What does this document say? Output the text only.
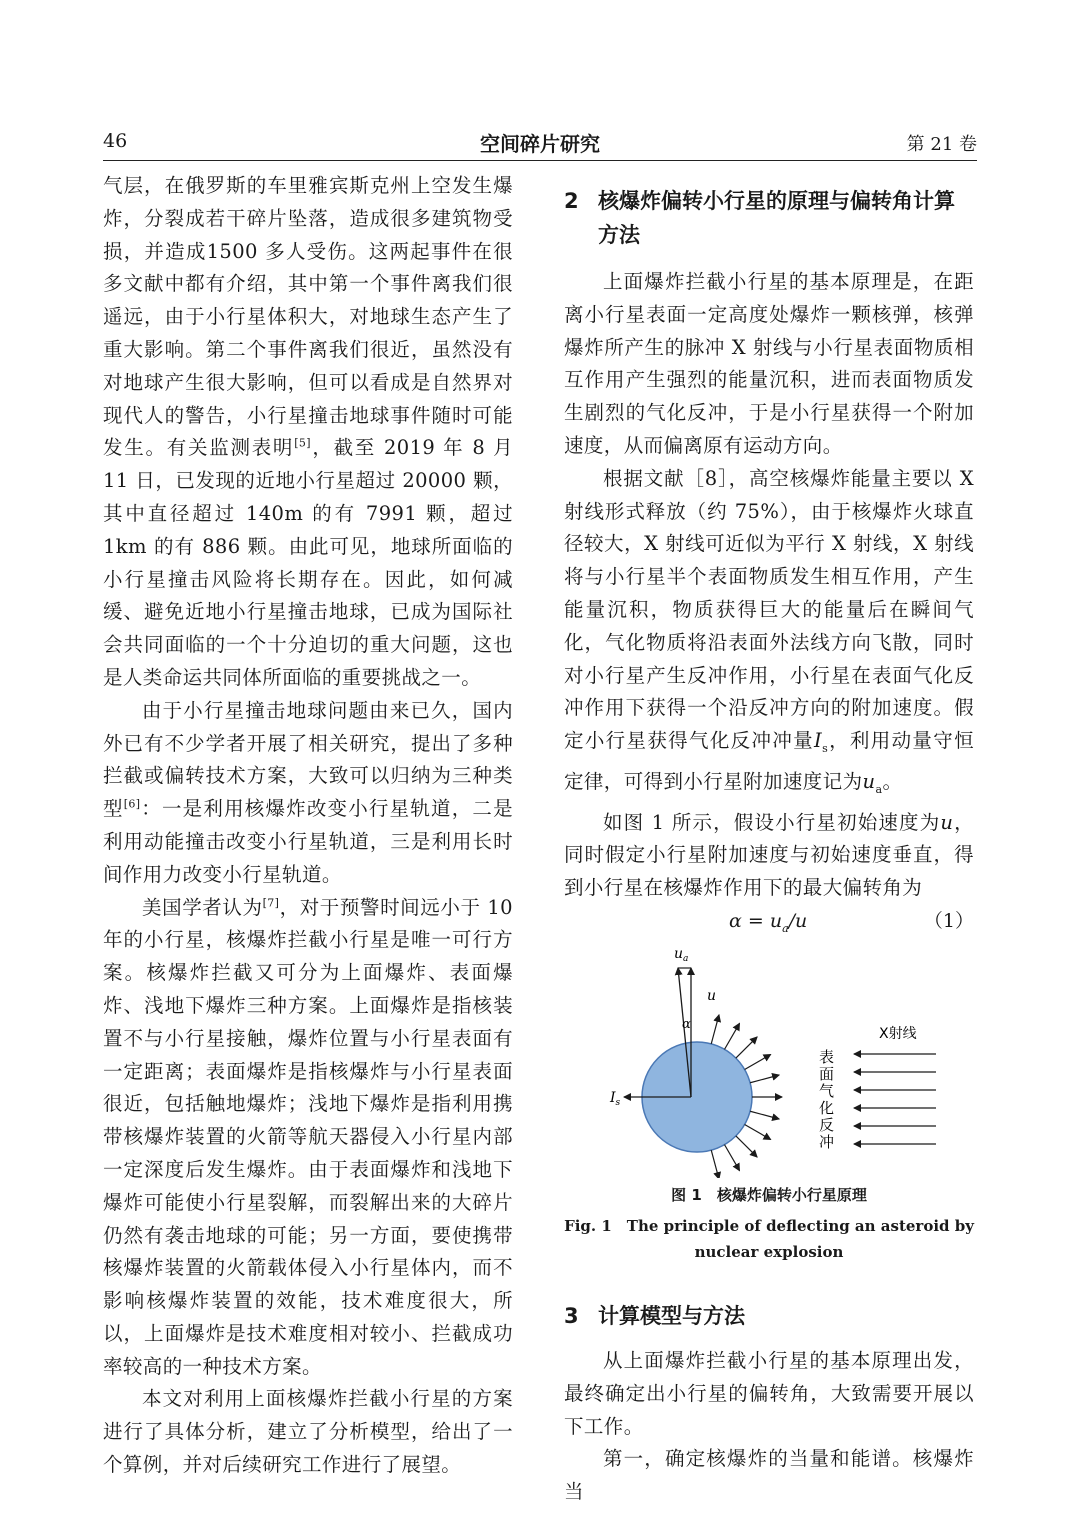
46	空间碎片研究	第 21 卷

气层，在俄罗斯的车里雅宾斯克州上空发生爆炸，分裂成若干碎片坠落，造成很多建筑物受损，并造成1500 多人受伤。这两起事件在很多文献中都有介绍，其中第一个事件离我们很遥远，由于小行星体积大，对地球生态产生了重大影响。第二个事件离我们很近，虽然没有对地球产生很大影响，但可以看成是自然界对现代人的警告，小行星撞击地球事件随时可能发生。有关监测表明[5]，截至 2019 年 8 月 11 日，已发现的近地小行星超过 20000 颗，其中直径超过 140m 的有 7991 颗，超过 1km 的有 886 颗。由此可见，地球所面临的小行星撞击风险将长期存在。因此，如何减缓、避免近地小行星撞击地球，已成为国际社会共同面临的一个十分迫切的重大问题，这也是人类命运共同体所面临的重要挑战之一。

由于小行星撞击地球问题由来已久，国内外已有不少学者开展了相关研究，提出了多种拦截或偏转技术方案，大致可以归纳为三种类型[6]：一是利用核爆炸改变小行星轨道，二是利用动能撞击改变小行星轨道，三是利用长时间作用力改变小行星轨道。

美国学者认为[7]，对于预警时间远小于 10 年的小行星，核爆炸拦截小行星是唯一可行方案。核爆炸拦截又可分为上面爆炸、表面爆炸、浅地下爆炸三种方案。上面爆炸是指核装置不与小行星接触，爆炸位置与小行星表面有一定距离；表面爆炸是指核爆炸与小行星表面很近，包括触地爆炸；浅地下爆炸是指利用携带核爆炸装置的火箭等航天器侵入小行星内部一定深度后发生爆炸。由于表面爆炸和浅地下爆炸可能使小行星裂解，而裂解出来的大碎片仍然有袭击地球的可能；另一方面，要使携带核爆炸装置的火箭载体侵入小行星体内，而不影响核爆炸装置的效能，技术难度很大，所以，上面爆炸是技术难度相对较小、拦截成功率较高的一种技术方案。

本文对利用上面核爆炸拦截小行星的方案进行了具体分析，建立了分析模型，给出了一个算例，并对后续研究工作进行了展望。

2 核爆炸偏转小行星的原理与偏转角计算方法

上面爆炸拦截小行星的基本原理是，在距离小行星表面一定高度处爆炸一颗核弹，核弹爆炸所产生的脉冲 X 射线与小行星表面物质相互作用产生强烈的能量沉积，进而表面物质发生剧烈的气化反冲，于是小行星获得一个附加速度，从而偏离原有运动方向。

根据文献［8］，高空核爆炸能量主要以 X 射线形式释放（约 75%），由于核爆炸火球直径较大，X 射线可近似为平行 X 射线，X 射线将与小行星半个表面物质发生相互作用，产生能量沉积，物质获得巨大的能量后在瞬间气化，气化物质将沿表面外法线方向飞散，同时对小行星产生反冲作用，小行星在表面气化反冲作用下获得一个沿反冲方向的附加速度。假定小行星获得气化反冲冲量$I_s$，利用动量守恒定律，可得到小行星附加速度记为$u_a$。

如图 1 所示，假设小行星初始速度为u，同时假定小行星附加速度与初始速度垂直，得到小行星在核爆炸作用下的最大偏转角为

$\alpha = u_a/u$	（1）
$u_a$
u
α
$I_s$
X射线
表
面
气
化
反
冲
图 1　核爆炸偏转小行星原理

Fig. 1　The principle of deflecting an asteroid by

nuclear explosion

3 计算模型与方法

从上面爆炸拦截小行星的基本原理出发，最终确定出小行星的偏转角，大致需要开展以下工作。

第一，确定核爆炸的当量和能谱。核爆炸当
